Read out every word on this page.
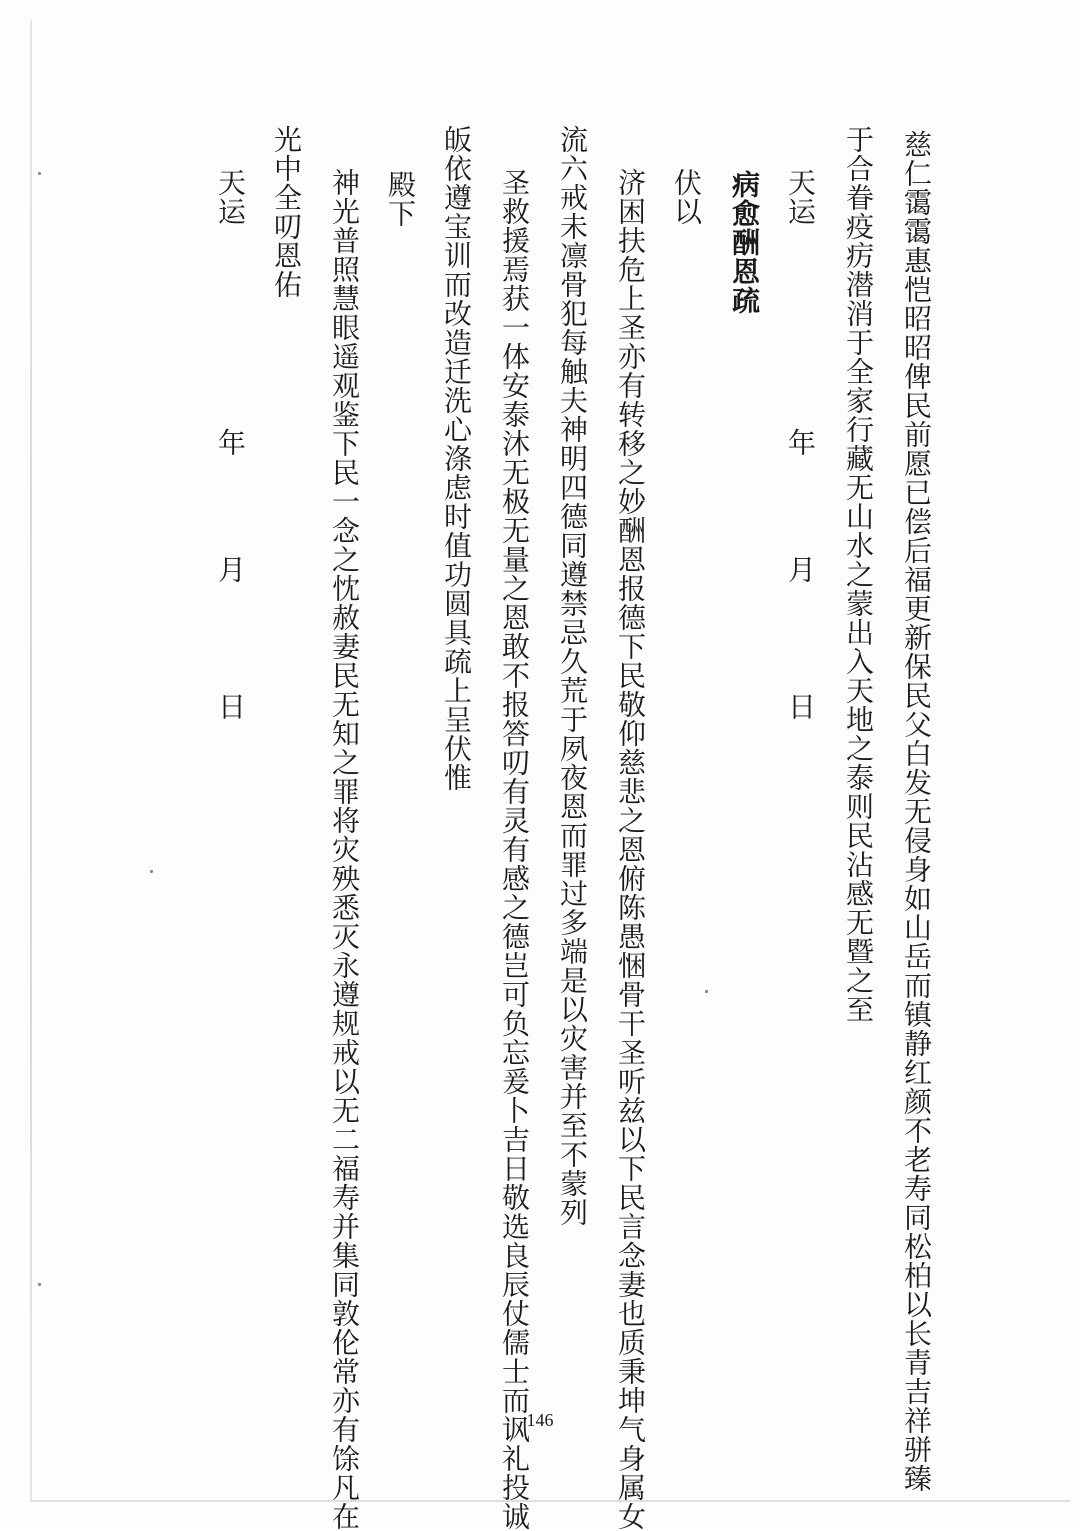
慈仁霭霭惠恺昭昭俾民前愿已偿后福更新保民父白发无侵身如山岳而镇静红颜不老寿同松柏以长青吉祥骈臻
于合眷疫疠潜消于全家行藏无山水之蒙出入天地之泰则民沾感无暨之至
天运
年
月
日
病愈酬恩疏
伏以
济困扶危上圣亦有转移之妙酬恩报德下民敬仰慈悲之恩俯陈愚悃骨干圣听兹以下民言念妻也质秉坤气身属女
流六戒未凛骨犯每触夫神明四德同遵禁忌久荒于夙夜恩而罪过多端是以灾害并至不蒙列
圣救援焉获一体安泰沐无极无量之恩敢不报答叨有灵有感之德岂可负忘爰卜吉日敬选良辰仗儒士而讽礼投诚
皈依遵宝训而改造迁洗心涤虑时值功圆具疏上呈伏惟
殿下
神光普照慧眼遥观鉴下民一念之忱赦妻民无知之罪将灾殃悉灭永遵规戒以无二福寿并集同敦伦常亦有馀凡在
光中全叨恩佑
天运
年
月
日
146
